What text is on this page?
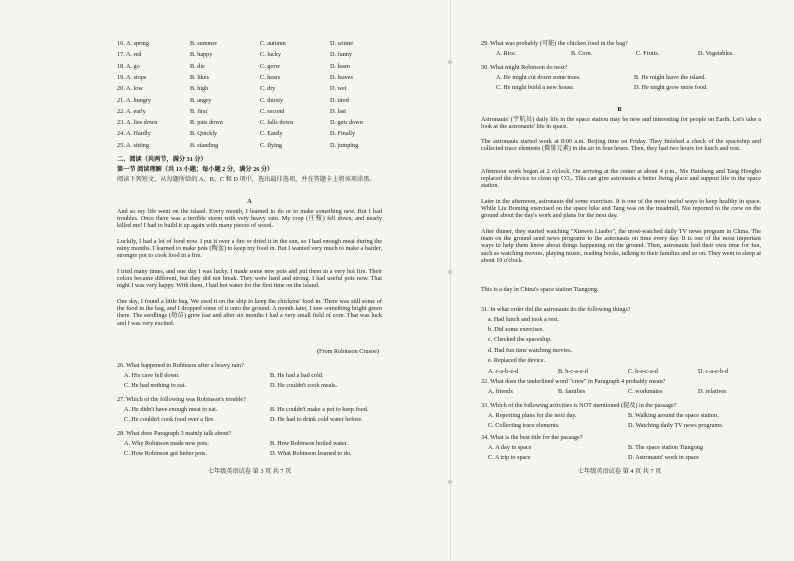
16. A. spring	B. summer	C. autumn	D. winter
17. A. red	B. happy	C. lucky	D. funny
18. A. go	B. die	C. grow	D. learn
19. A. stops	B. likes	C. hears	D. leaves
20. A. low	B. high	C. dry	D. wet
21. A. hungry	B. angry	C. thirsty	D. tired
22. A. early	B. first	C. second	D. last
23. A. lies down	B. puts down	C. falls down	D. gets down
24. A. Hardly	B. Quickly	C. Easily	D. Finally
25. A. sitting	B. standing	C. flying	D. jumping
二、阅读（共两节，满分 31 分）
第一节 阅读理解（共 13 小题；每小题 2 分，满分 26 分）
阅读下列短文，从每题所给的 A、B、C 和 D 项中，选出最佳选项，并在答题卡上将该项涂黑。
A
And so my life went on the island. Every month, I learned to do or to make something new. But I had troubles. Once there was a terrible storm with very heavy rain. My crop (庄稼) fell down, and nearly killed me! I had to build it up again with many pieces of wood.
Luckily, I had a lot of food now. I put it over a fire or dried it in the sun, so I had enough meat during the rainy months. I learned to make pots (陶盆) to keep my food in. But I wanted very much to make a harder, stronger pot to cook food in a fire.
I tried many times, and one day I was lucky. I made some new pots and put them in a very hot fire. Their colors became different, but they did not break. They were hard and strong. I had useful pots now. That night I was very happy. With them, I had hot water for the first time on the island.
One day, I found a little bag. We used it on the ship to keep the chickens' food in. There was still some of the food in the bag, and I dropped some of it onto the ground. A month later, I saw something bright green there. The seedlings (幼苗) grew fast and after six months I had a very small field of corn. That was luck and I was very excited.
(From Robinson Crusoe)
26. What happened to Robinson after a heavy rain?
A. His cave fell down.	B. He had a bad cold.
C. He had nothing to eat.	D. He couldn't cook meals.
27. Which of the following was Robinson's trouble?
A. He didn't have enough meat to eat.	B. He couldn't make a pot to keep food.
C. He couldn't cook food over a fire.	D. He had to drink cold water before.
28. What does Paragraph 3 mainly talk about?
A. Why Robinson made new pots.	B. How Robinson boiled water.
C. How Robinson got better pots.	D. What Robinson learned to do.
七年级英语试卷 第 3 页 共 7 页
29. What was probably (可能) the chicken food in the bag?
A. Rice.	B. Corn.	C. Fruits.	D. Vegetables.
30. What might Robinson do next?
A. He might cut down some trees.	B. He might leave the island.
C. He might build a new house.	D. He might grow more food.
B
Astronauts' (宇航员) daily life in the space station may be new and interesting for people on Earth. Let's take a look at the astronauts' life in space.
The astronauts started work at 8:00 a.m. Beijing time on Friday. They finished a check of the spaceship and collected trace elements (微量元素) in the air in four hours. Then, they had two hours for lunch and rest.
Afternoon work began at 2 o'clock. On arriving at the center at about 4 p.m., Nie Haisheng and Tang Hongbo replaced the device to clean up CO₂. This can give astronauts a better living place and support life in the space station.
Later in the afternoon, astronauts did some exercises. It is one of the most useful ways to keep healthy in space. While Liu Boming exercised on the space bike and Tang was on the treadmill, Nie reported to the crew on the ground about the day's work and plans for the next day.
After dinner, they started watching "Xinwen Lianbo", the most-watched daily TV news program in China. The team on the ground send news programs to the astronauts on time every day. It is one of the most important ways to help them know about things happening on the ground. Then, astronauts had their own time for fun, such as watching movies, playing music, reading books, talking to their families and so on. They went to sleep at about 10 o'clock.
This is a day in China's space station Tiangong.
31. In what order did the astronauts do the following things?
a. Had lunch and took a rest.
b. Did some exercises.
c. Checked the spaceship.
d. Had fun time watching movies.
e. Replaced the device.
A. c-a-b-e-d	B. b-c-a-e-d	C. b-e-c-a-d	D. c-a-e-b-d
32. What does the underlined word "crew" in Paragraph 4 probably mean?
A. friends	B. families	C. workmates	D. relatives
33. Which of the following activities is NOT mentioned (提及) in the passage?
A. Reporting plans for the next day.	B. Walking around the space station.
C. Collecting trace elements.	D. Watching daily TV news programs.
34. What is the best title for the passage?
A. A day in space	B. The space station Tiangong
C. A trip to space	D. Astronauts' work in space
七年级英语试卷 第 4 页 共 7 页
